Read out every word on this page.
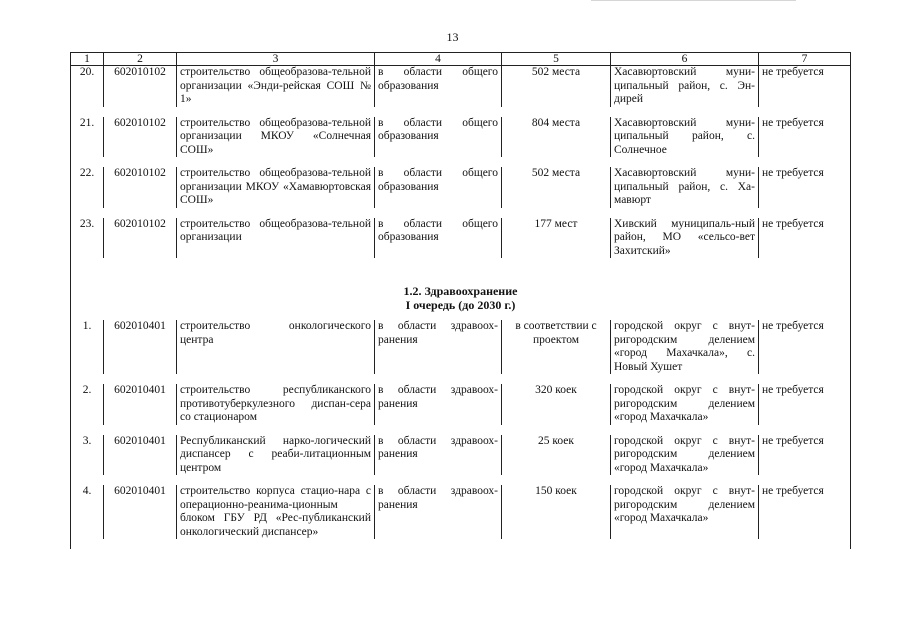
13
1	2	3	4	5	6	7
20.	602010102	строительство общеобразова-тельной организации «Энди-рейская СОШ № 1»	в области общего образования	502 места	Хасавюртовский муни-ципальный район, с. Эн-дирей	не требуется

21.	602010102	строительство общеобразова-тельной организации МКОУ «Солнечная СОШ»	в области общего образования	804 места	Хасавюртовский муни-ципальный район, с. Солнечное	не требуется

22.	602010102	строительство общеобразова-тельной организации МКОУ «Хамавюртовская СОШ»	в области общего образования	502 места	Хасавюртовский муни-ципальный район, с. Ха-мавюрт	не требуется

23.	602010102	строительство общеобразова-тельной организации	в области общего образования	177 мест	Хивский муниципаль-ный район, МО «сельсо-вет Захитский»	не требуется

1.2. Здравоохранение						
I очередь (до 2030 г.)						

1.	602010401	строительство онкологического центра	в области здравоох-ранения	в соответствии с проектом	городской округ с внут-ригородским делением «город Махачкала», с. Новый Хушет	не требуется

2.	602010401	строительство республиканского противотуберкулезного диспан-сера со стационаром	в области здравоох-ранения	320 коек	городской округ с внут-ригородским делением «город Махачкала»	не требуется

3.	602010401	Республиканский нарко-логический диспансер с реаби-литационным центром	в области здравоох-ранения	25 коек	городской округ с внут-ригородским делением «город Махачкала»	не требуется

4.	602010401	строительство корпуса стацио-нара с операционно-реанима-ционным блоком ГБУ РД «Рес-публиканский онкологический диспансер»	в области здравоох-ранения	150 коек	городской округ с внут-ригородским делением «город Махачкала»	не требуется
